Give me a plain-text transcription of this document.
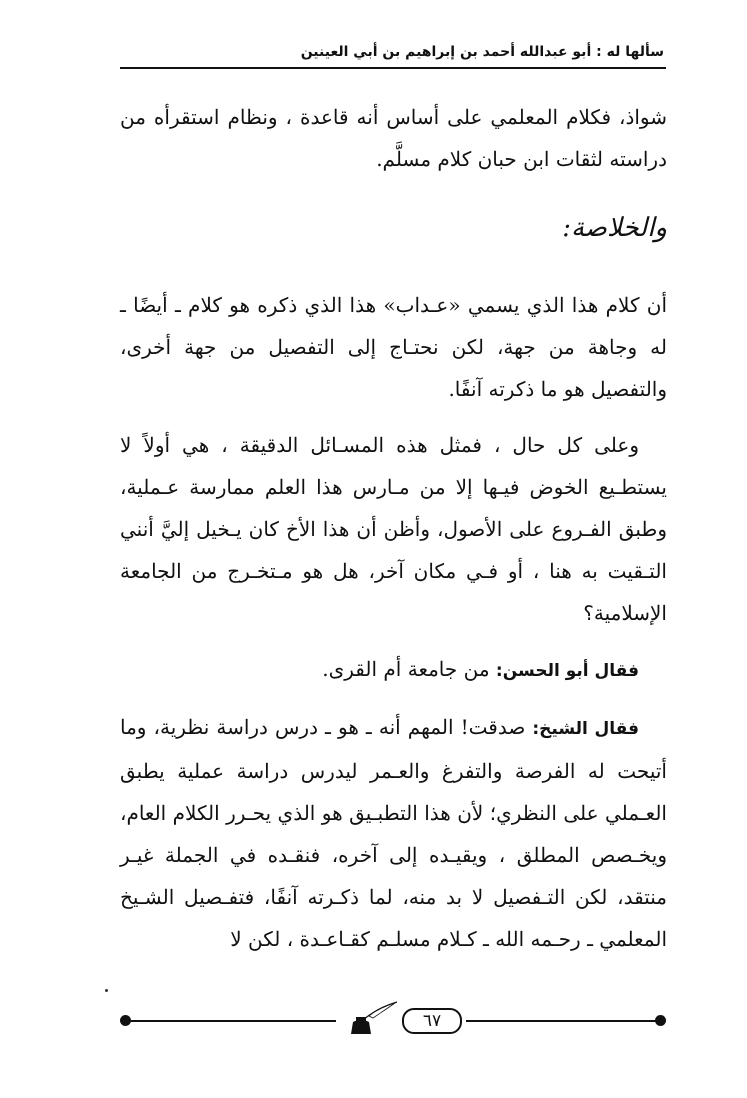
سألها له : أبو عبدالله أحمد بن إبراهيم بن أبي العينين

شواذ، فكلام المعلمي على أساس أنه قاعدة ، ونظام استقرأه من دراسته لثقات ابن حبان كلام مسلَّم.

والخلاصة:

أن كلام هذا الذي يسمي «عـداب» هذا الذي ذكره هو كلام ـ أيضًا ـ له وجاهة من جهة، لكن نحتـاج إلى التفصيل من جهة أخرى، والتفصيل هو ما ذكرته آنفًا.

وعلى كل حال ، فمثل هذه المسـائل الدقيقة ، هي أولاً لا يستطـيع الخوض فيـها إلا من مـارس هذا العلم ممارسة عـملية، وطبق الفـروع على الأصول، وأظن أن هذا الأخ كان يـخيل إليَّ أنني التـقيت به هنا ، أو فـي مكان آخر، هل هو مـتخـرج من الجامعة الإسلامية؟

فقال أبو الحسن: من جامعة أم القرى.

فقال الشيخ: صدقت! المهم أنه ـ هو ـ درس دراسة نظرية، وما أتيحت له الفرصة والتفرغ والعـمر ليدرس دراسة عملية يطبق العـملي على النظري؛ لأن هذا التطبـيق هو الذي يحـرر الكلام العام، ويخـصص المطلق ، ويقيـده إلى آخره، فنقـده في الجملة غيـر منتقد، لكن التـفصيل لا بد منه، لما ذكـرته آنفًا، فتفـصيل الشـيخ المعلمي ـ رحـمه الله ـ كـلام مسلـم كقـاعـدة ، لكن لا

٦٧
